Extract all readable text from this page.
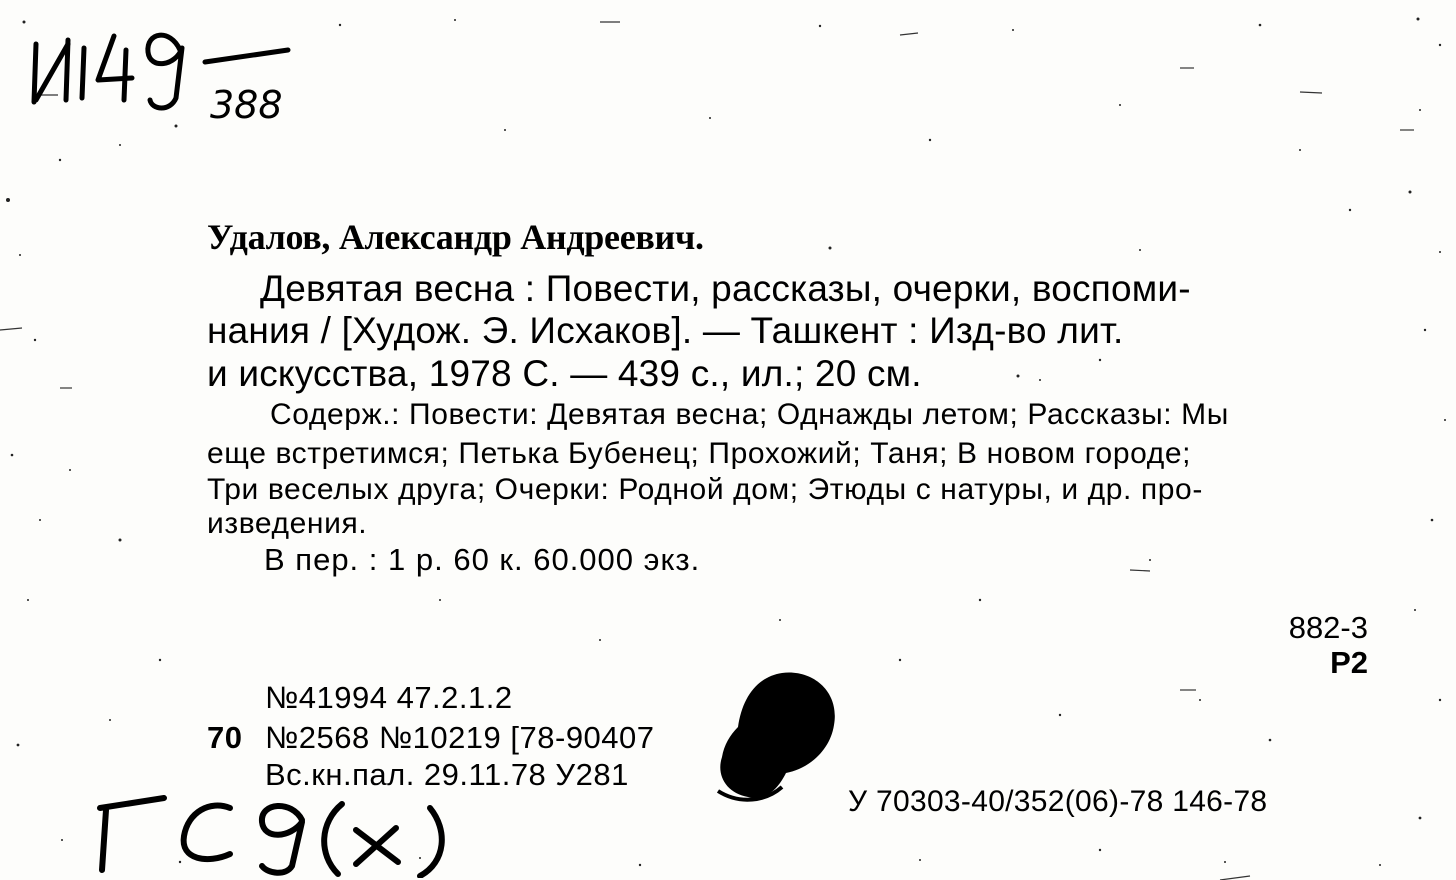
388
Удалов, Александр Андреевич.
Девятая весна : Повести, рассказы, очерки, воспоми-
нания / [Худож. Э. Исхаков]. — Ташкент : Изд-во лит.
и искусства, 1978 С. — 439 с., ил.; 20 см.
Содерж.: Повести: Девятая весна; Однажды летом; Рассказы: Мы
еще встретимся; Петька Бубенец; Прохожий; Таня; В новом городе;
Три веселых друга; Очерки: Родной дом; Этюды с натуры, и др. про-
изведения.
В пер. : 1 р. 60 к. 60.000 экз.
882-3
Р2
№41994 47.2.1.2
70 №2568 №10219 [78-90407
Вс.кн.пал. 29.11.78 У281
У 70303-40/352(06)-78 146-78
